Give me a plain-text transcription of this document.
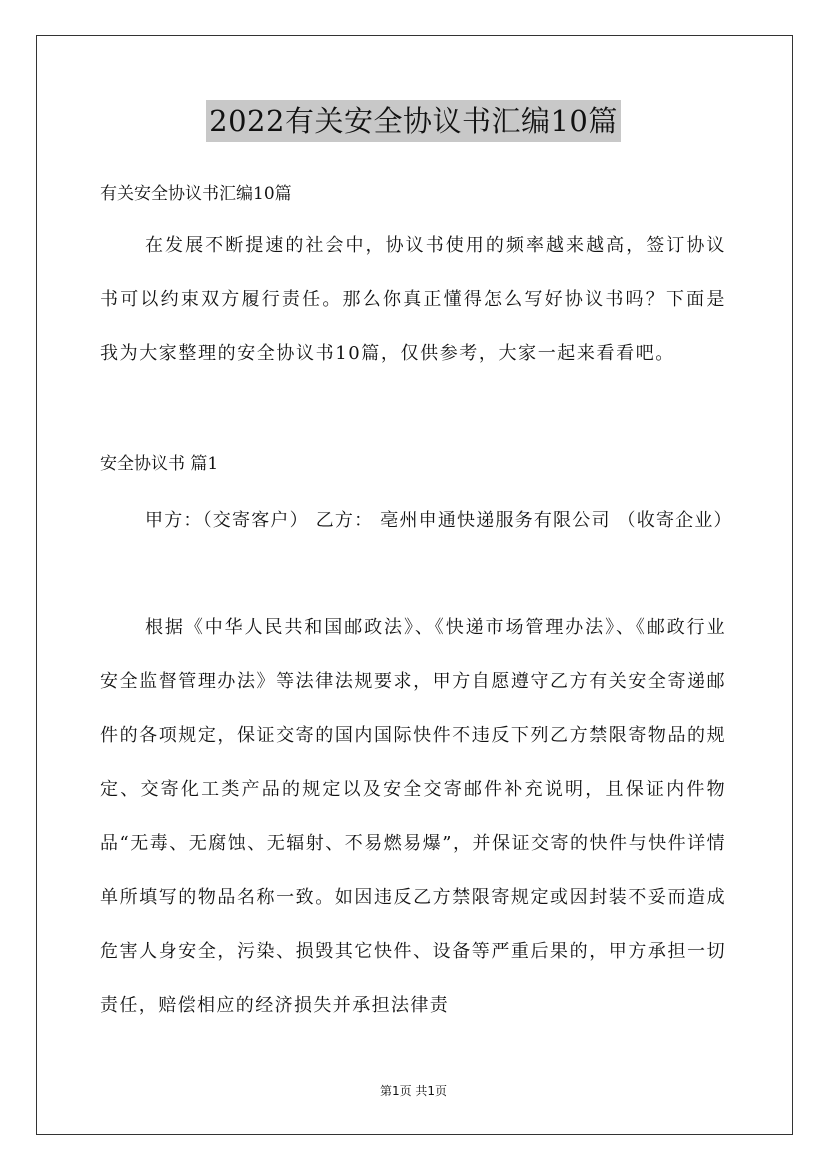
2022有关安全协议书汇编10篇

有关安全协议书汇编10篇

在发展不断提速的社会中，协议书使用的频率越来越高，签订协议书可以约束双方履行责任。那么你真正懂得怎么写好协议书吗？下面是我为大家整理的安全协议书10篇，仅供参考，大家一起来看看吧。

安全协议书 篇1

甲方：（交寄客户） 乙方： 亳州申通快递服务有限公司 （收寄企业）

根据《中华人民共和国邮政法》、《快递市场管理办法》、《邮政行业安全监督管理办法》等法律法规要求，甲方自愿遵守乙方有关安全寄递邮件的各项规定，保证交寄的国内国际快件不违反下列乙方禁限寄物品的规定、交寄化工类产品的规定以及安全交寄邮件补充说明，且保证内件物品“无毒、无腐蚀、无辐射、不易燃易爆”，并保证交寄的快件与快件详情单所填写的物品名称一致。如因违反乙方禁限寄规定或因封装不妥而造成危害人身安全，污染、损毁其它快件、设备等严重后果的，甲方承担一切责任，赔偿相应的经济损失并承担法律责

第1页 共1页
